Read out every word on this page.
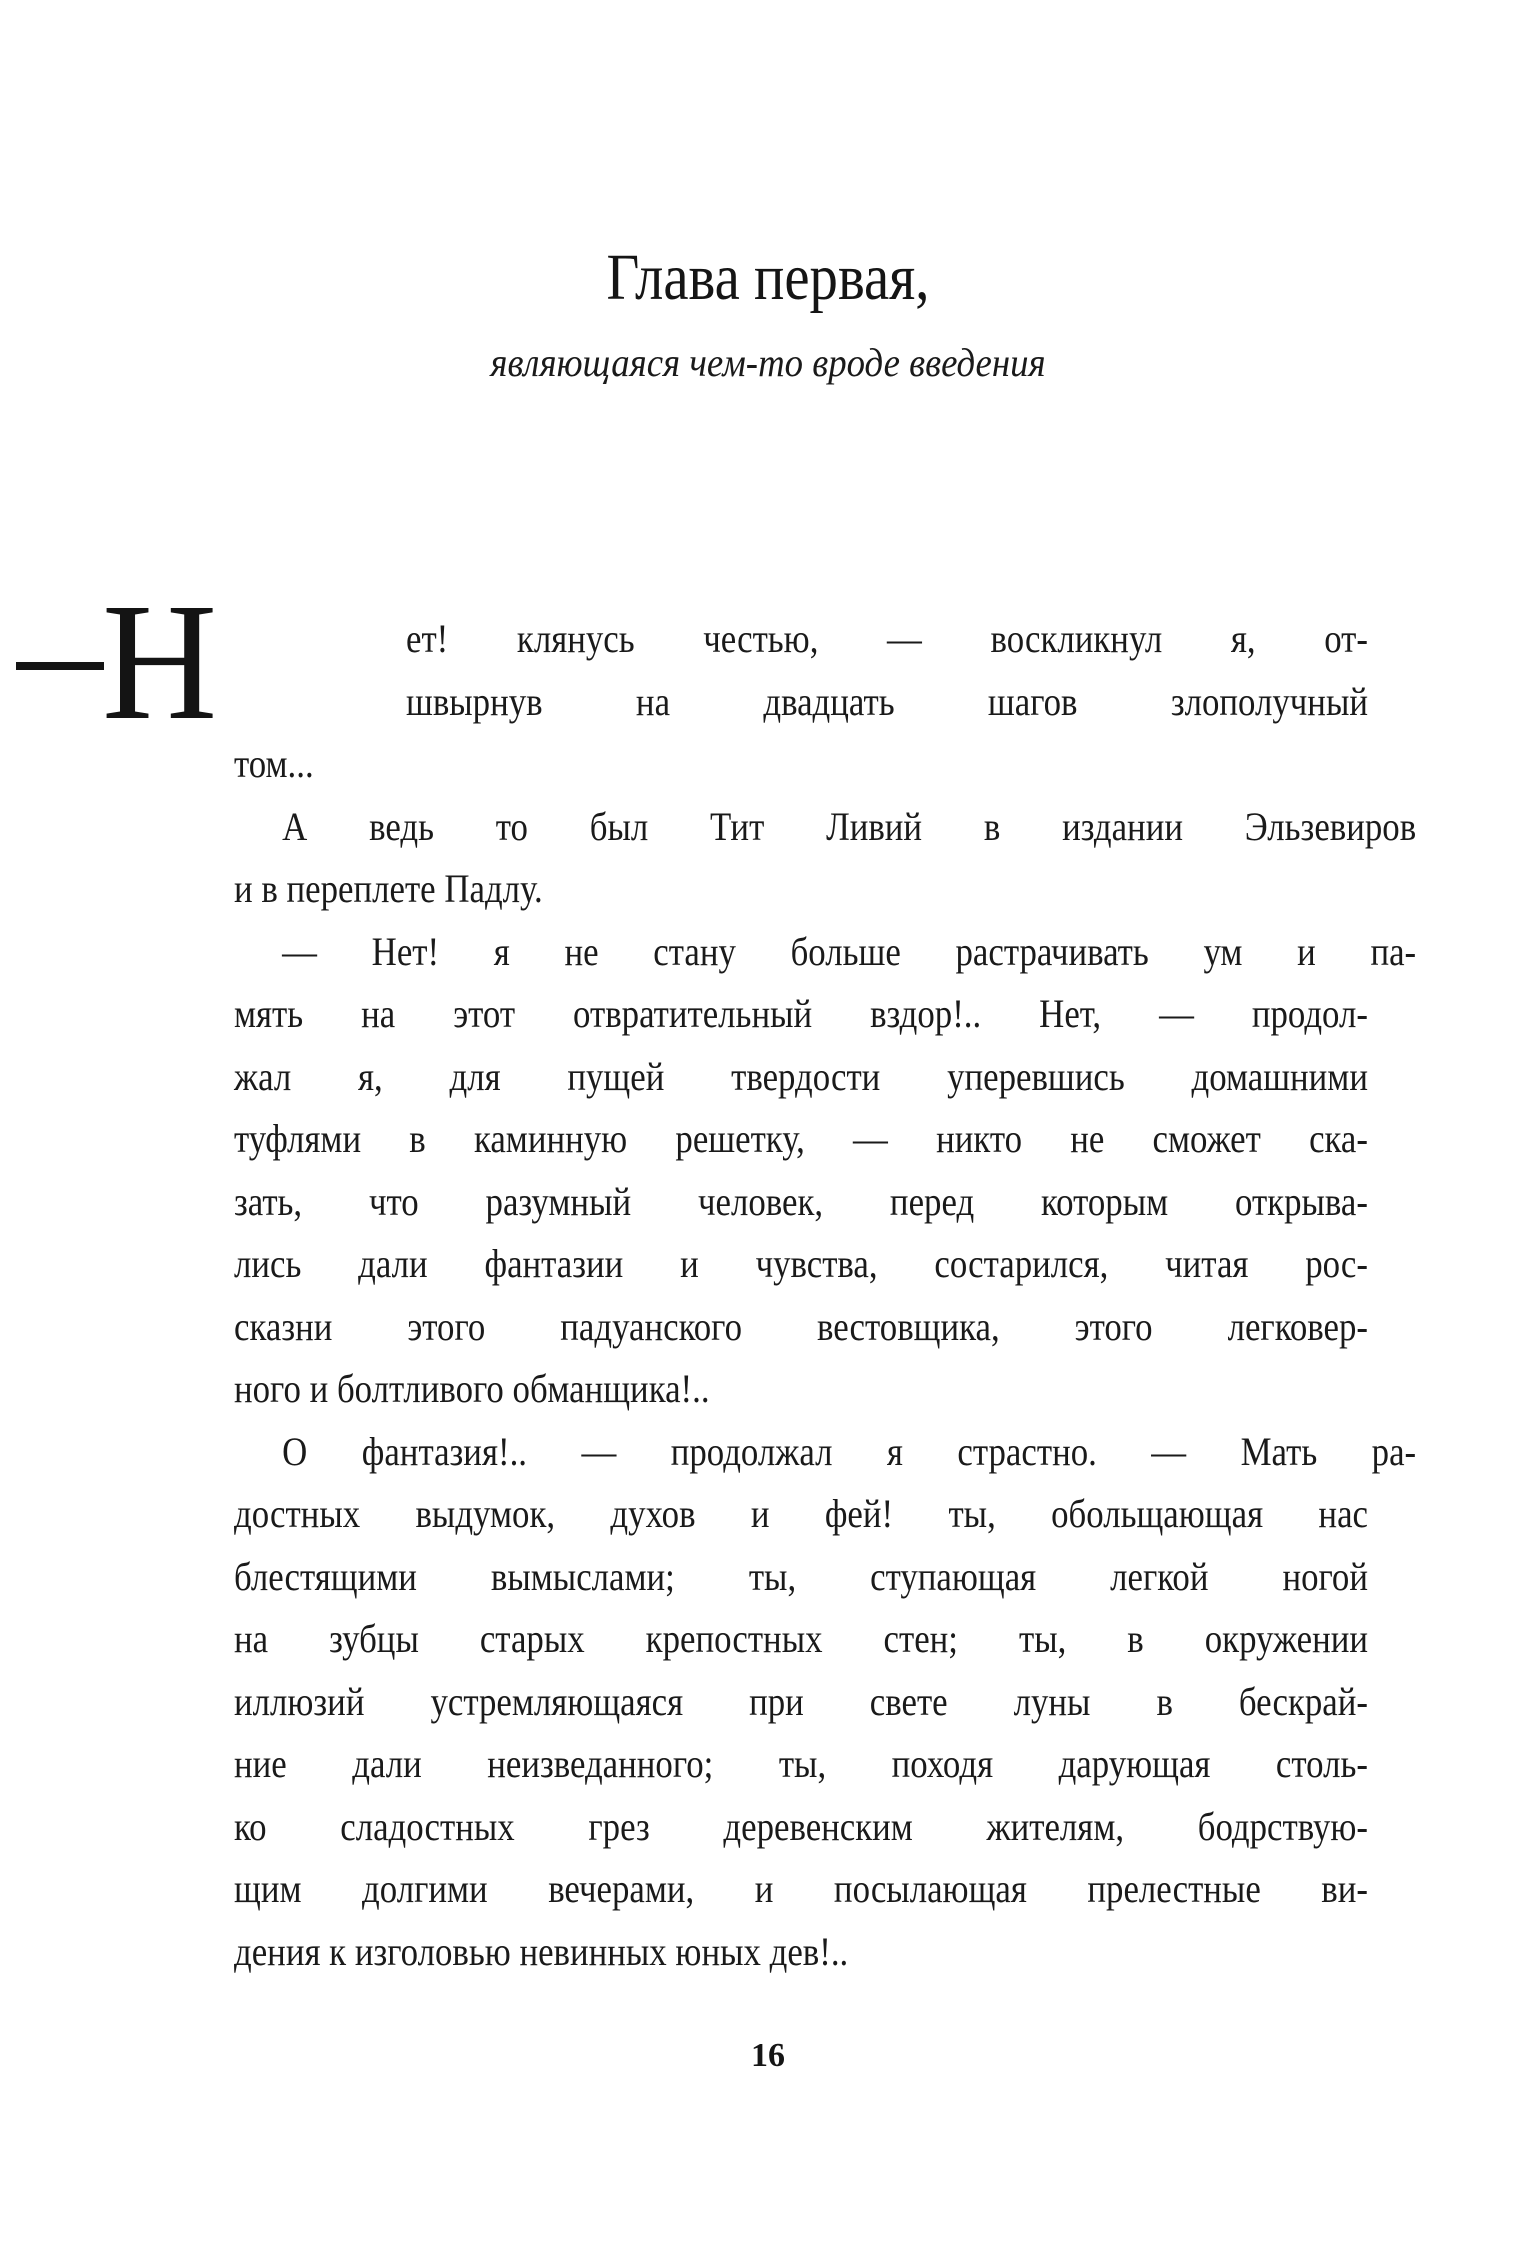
Глава первая,
являющаяся чем-то вроде введения
Н	ет! клянусь честью, — воскликнул я, от-
швырнув на двадцать шагов злополучный
том...
А ведь то был Тит Ливий в издании Эльзевиров
и в переплете Падлу.
— Нет! я не стану больше растрачивать ум и па-
мять на этот отвратительный вздор!.. Нет, — продол-
жал я, для пущей твердости уперевшись домашними
туфлями в каминную решетку, — никто не сможет ска-
зать, что разумный человек, перед которым открыва-
лись дали фантазии и чувства, состарился, читая рос-
сказни этого падуанского вестовщика, этого легковер-
ного и болтливого обманщика!..
О фантазия!.. — продолжал я страстно. — Мать ра-
достных выдумок, духов и фей! ты, обольщающая нас
блестящими вымыслами; ты, ступающая легкой ногой
на зубцы старых крепостных стен; ты, в окружении
иллюзий устремляющаяся при свете луны в бескрай-
ние дали неизведанного; ты, походя дарующая столь-
ко сладостных грез деревенским жителям, бодрствую-
щим долгими вечерами, и посылающая прелестные ви-
дения к изголовью невинных юных дев!..
16
